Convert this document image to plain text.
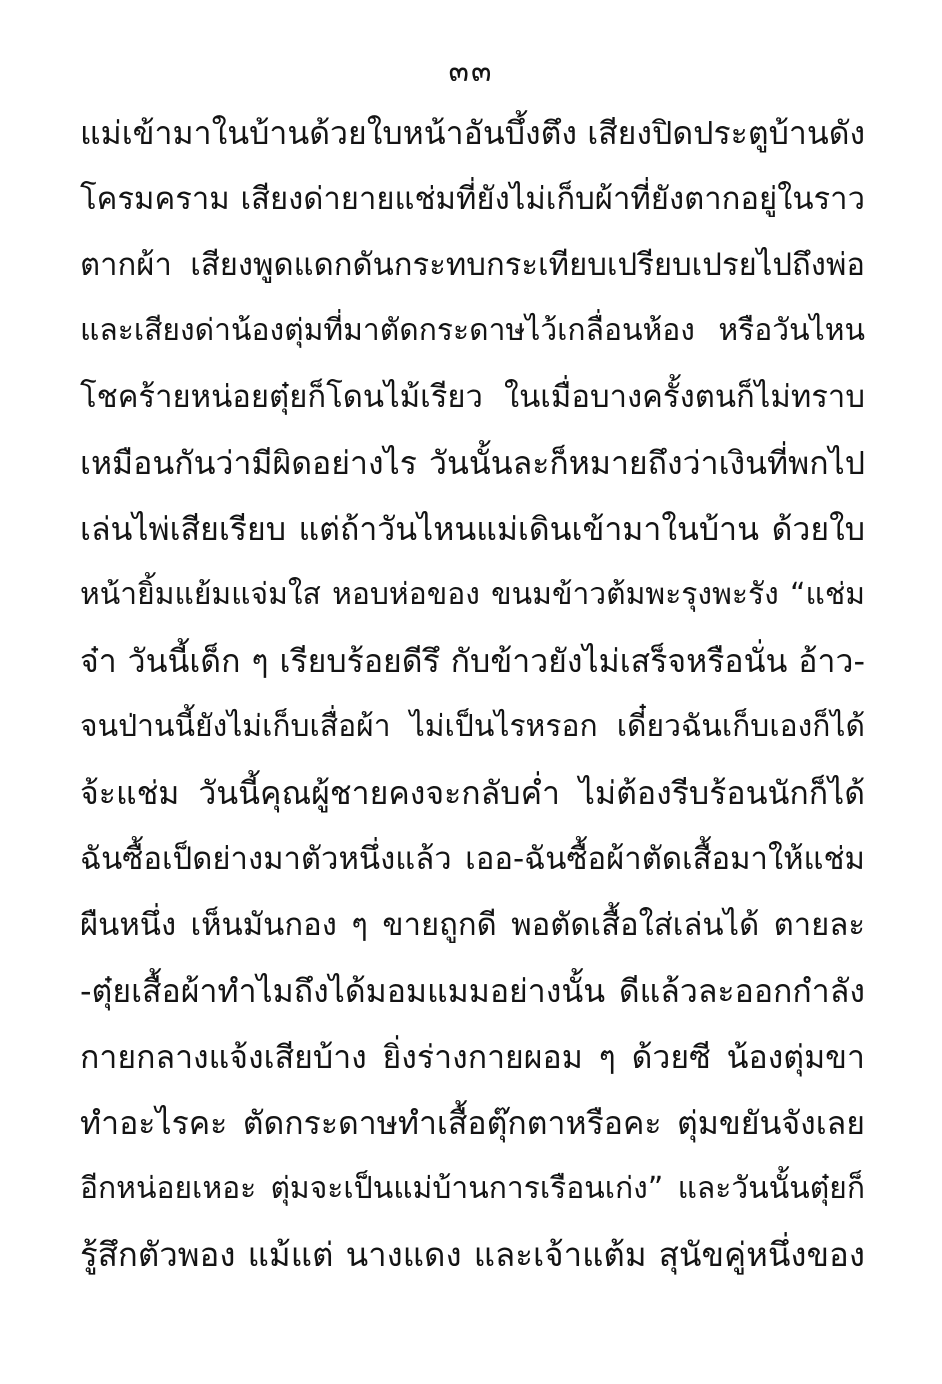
๓๓
แม่เข้ามาในบ้านด้วยใบหน้าอันบึ้งตึง เสียงปิดประตูบ้านดัง
โครมคราม เสียงด่ายายแช่มที่ยังไม่เก็บผ้าที่ยังตากอยู่ในราว
ตากผ้า เสียงพูดแดกดันกระทบกระเทียบเปรียบเปรยไปถึงพ่อ
และเสียงด่าน้องตุ่มที่มาตัดกระดาษไว้เกลื่อนห้อง หรือวันไหน
โชคร้ายหน่อยตุ๋ยก็โดนไม้เรียว ในเมื่อบางครั้งตนก็ไม่ทราบ
เหมือนกันว่ามีผิดอย่างไร วันนั้นละก็หมายถึงว่าเงินที่พกไป
เล่นไพ่เสียเรียบ แต่ถ้าวันไหนแม่เดินเข้ามาในบ้าน ด้วยใบ
หน้ายิ้มแย้มแจ่มใส หอบห่อของ ขนมข้าวต้มพะรุงพะรัง “แช่ม
จ๋า วันนี้เด็ก ๆ เรียบร้อยดีรึ กับข้าวยังไม่เสร็จหรือนั่น อ้าว-
จนป่านนี้ยังไม่เก็บเสื่อผ้า ไม่เป็นไรหรอก เดี๋ยวฉันเก็บเองก็ได้
จ้ะแช่ม วันนี้คุณผู้ชายคงจะกลับค่ำ ไม่ต้องรีบร้อนนักก็ได้
ฉันซื้อเป็ดย่างมาตัวหนึ่งแล้ว เออ-ฉันซื้อผ้าตัดเสื้อมาให้แช่ม
ผืนหนึ่ง เห็นมันกอง ๆ ขายถูกดี พอตัดเสื้อใส่เล่นได้ ตายละ
-ตุ๋ยเสื้อผ้าทำไมถึงได้มอมแมมอย่างนั้น ดีแล้วละออกกำลัง
กายกลางแจ้งเสียบ้าง ยิ่งร่างกายผอม ๆ ด้วยซี น้องตุ่มขา
ทำอะไรคะ ตัดกระดาษทำเสื้อตุ๊กตาหรือคะ ตุ่มขยันจังเลย
อีกหน่อยเหอะ ตุ่มจะเป็นแม่บ้านการเรือนเก่ง” และวันนั้นตุ๋ยก็
รู้สึกตัวพอง แม้แต่ นางแดง และเจ้าแต้ม สุนัขคู่หนึ่งของ
